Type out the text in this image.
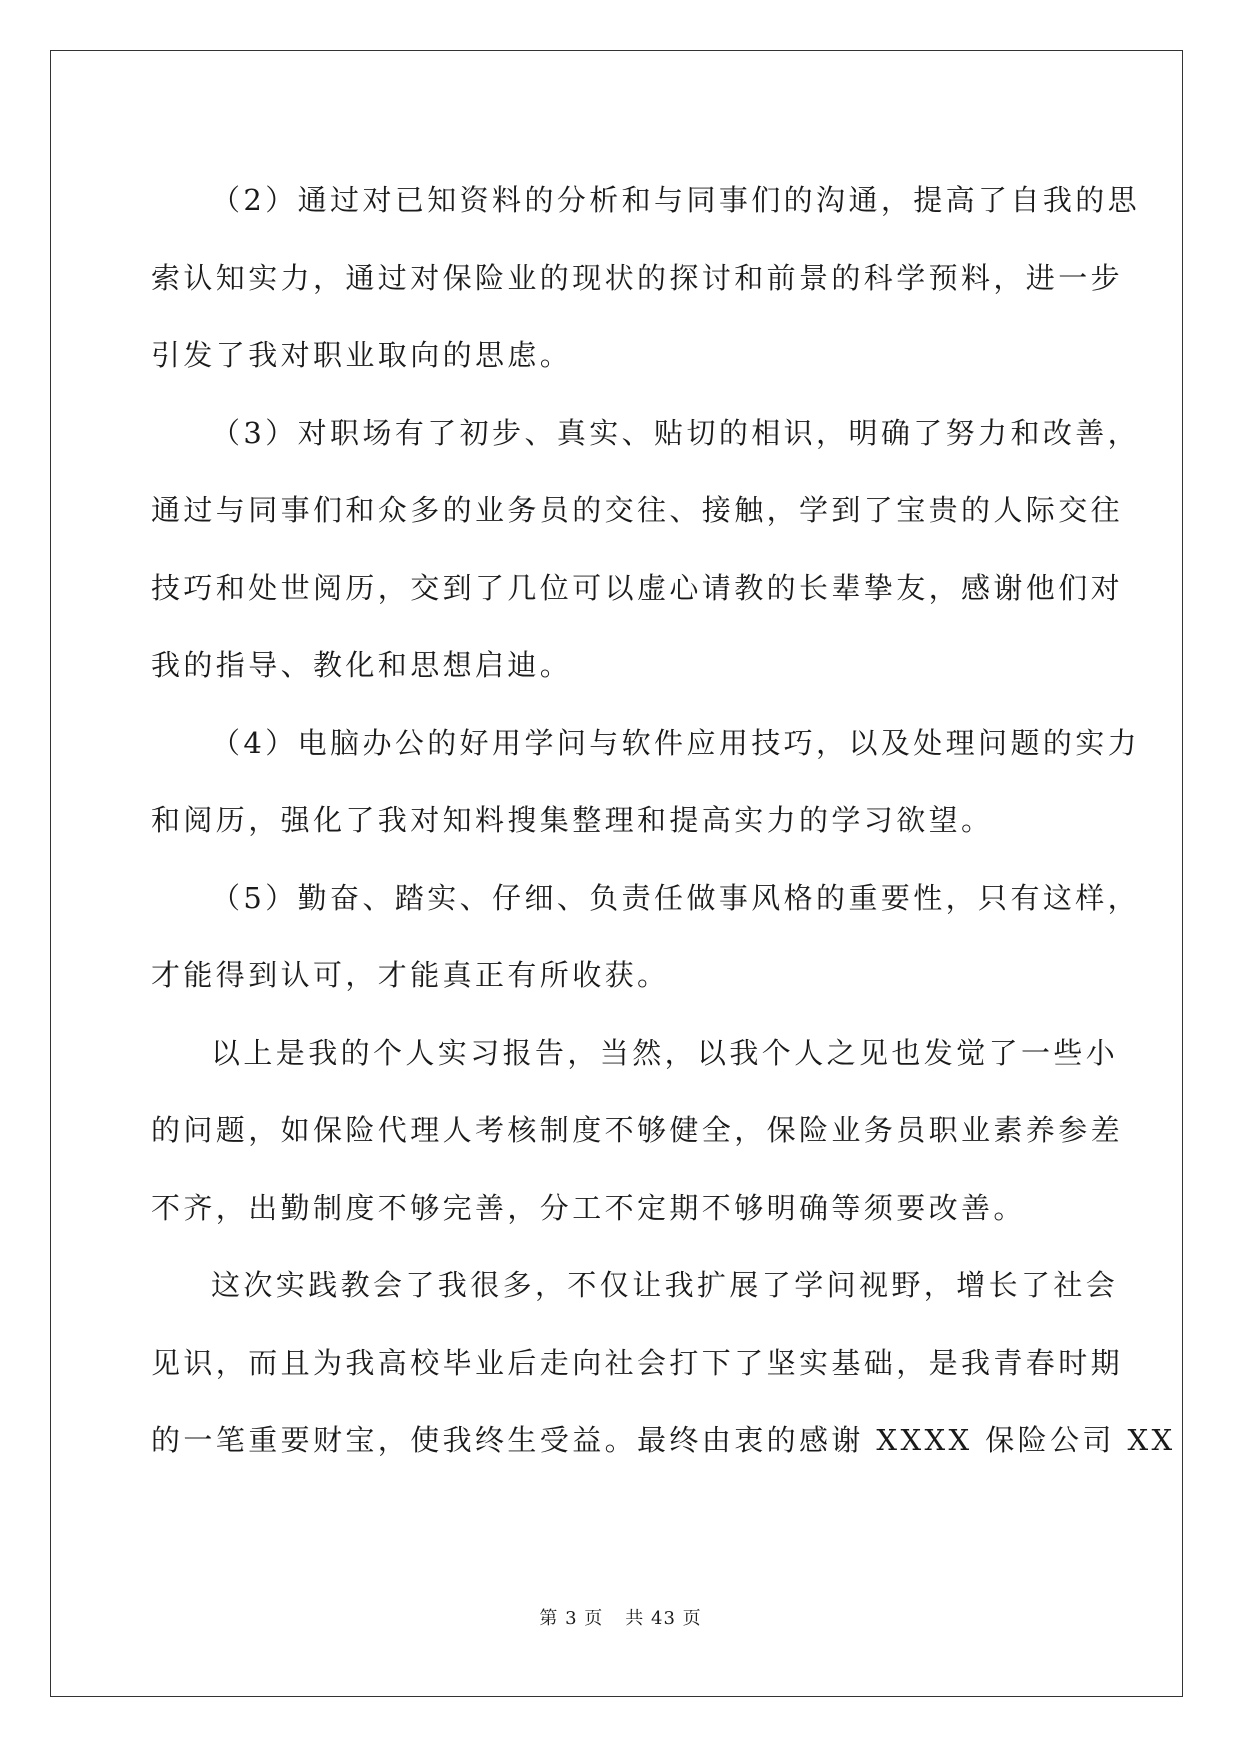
（2）通过对已知资料的分析和与同事们的沟通，提高了自我的思
索认知实力，通过对保险业的现状的探讨和前景的科学预料，进一步
引发了我对职业取向的思虑。

（3）对职场有了初步、真实、贴切的相识，明确了努力和改善，
通过与同事们和众多的业务员的交往、接触，学到了宝贵的人际交往
技巧和处世阅历，交到了几位可以虚心请教的长辈挚友，感谢他们对
我的指导、教化和思想启迪。

（4）电脑办公的好用学问与软件应用技巧，以及处理问题的实力
和阅历，强化了我对知料搜集整理和提高实力的学习欲望。

（5）勤奋、踏实、仔细、负责任做事风格的重要性，只有这样，
才能得到认可，才能真正有所收获。

以上是我的个人实习报告，当然，以我个人之见也发觉了一些小
的问题，如保险代理人考核制度不够健全，保险业务员职业素养参差
不齐，出勤制度不够完善，分工不定期不够明确等须要改善。

这次实践教会了我很多，不仅让我扩展了学问视野，增长了社会
见识，而且为我高校毕业后走向社会打下了坚实基础，是我青春时期
的一笔重要财宝，使我终生受益。最终由衷的感谢 XXXX 保险公司 XX

第 3 页 共 43 页
